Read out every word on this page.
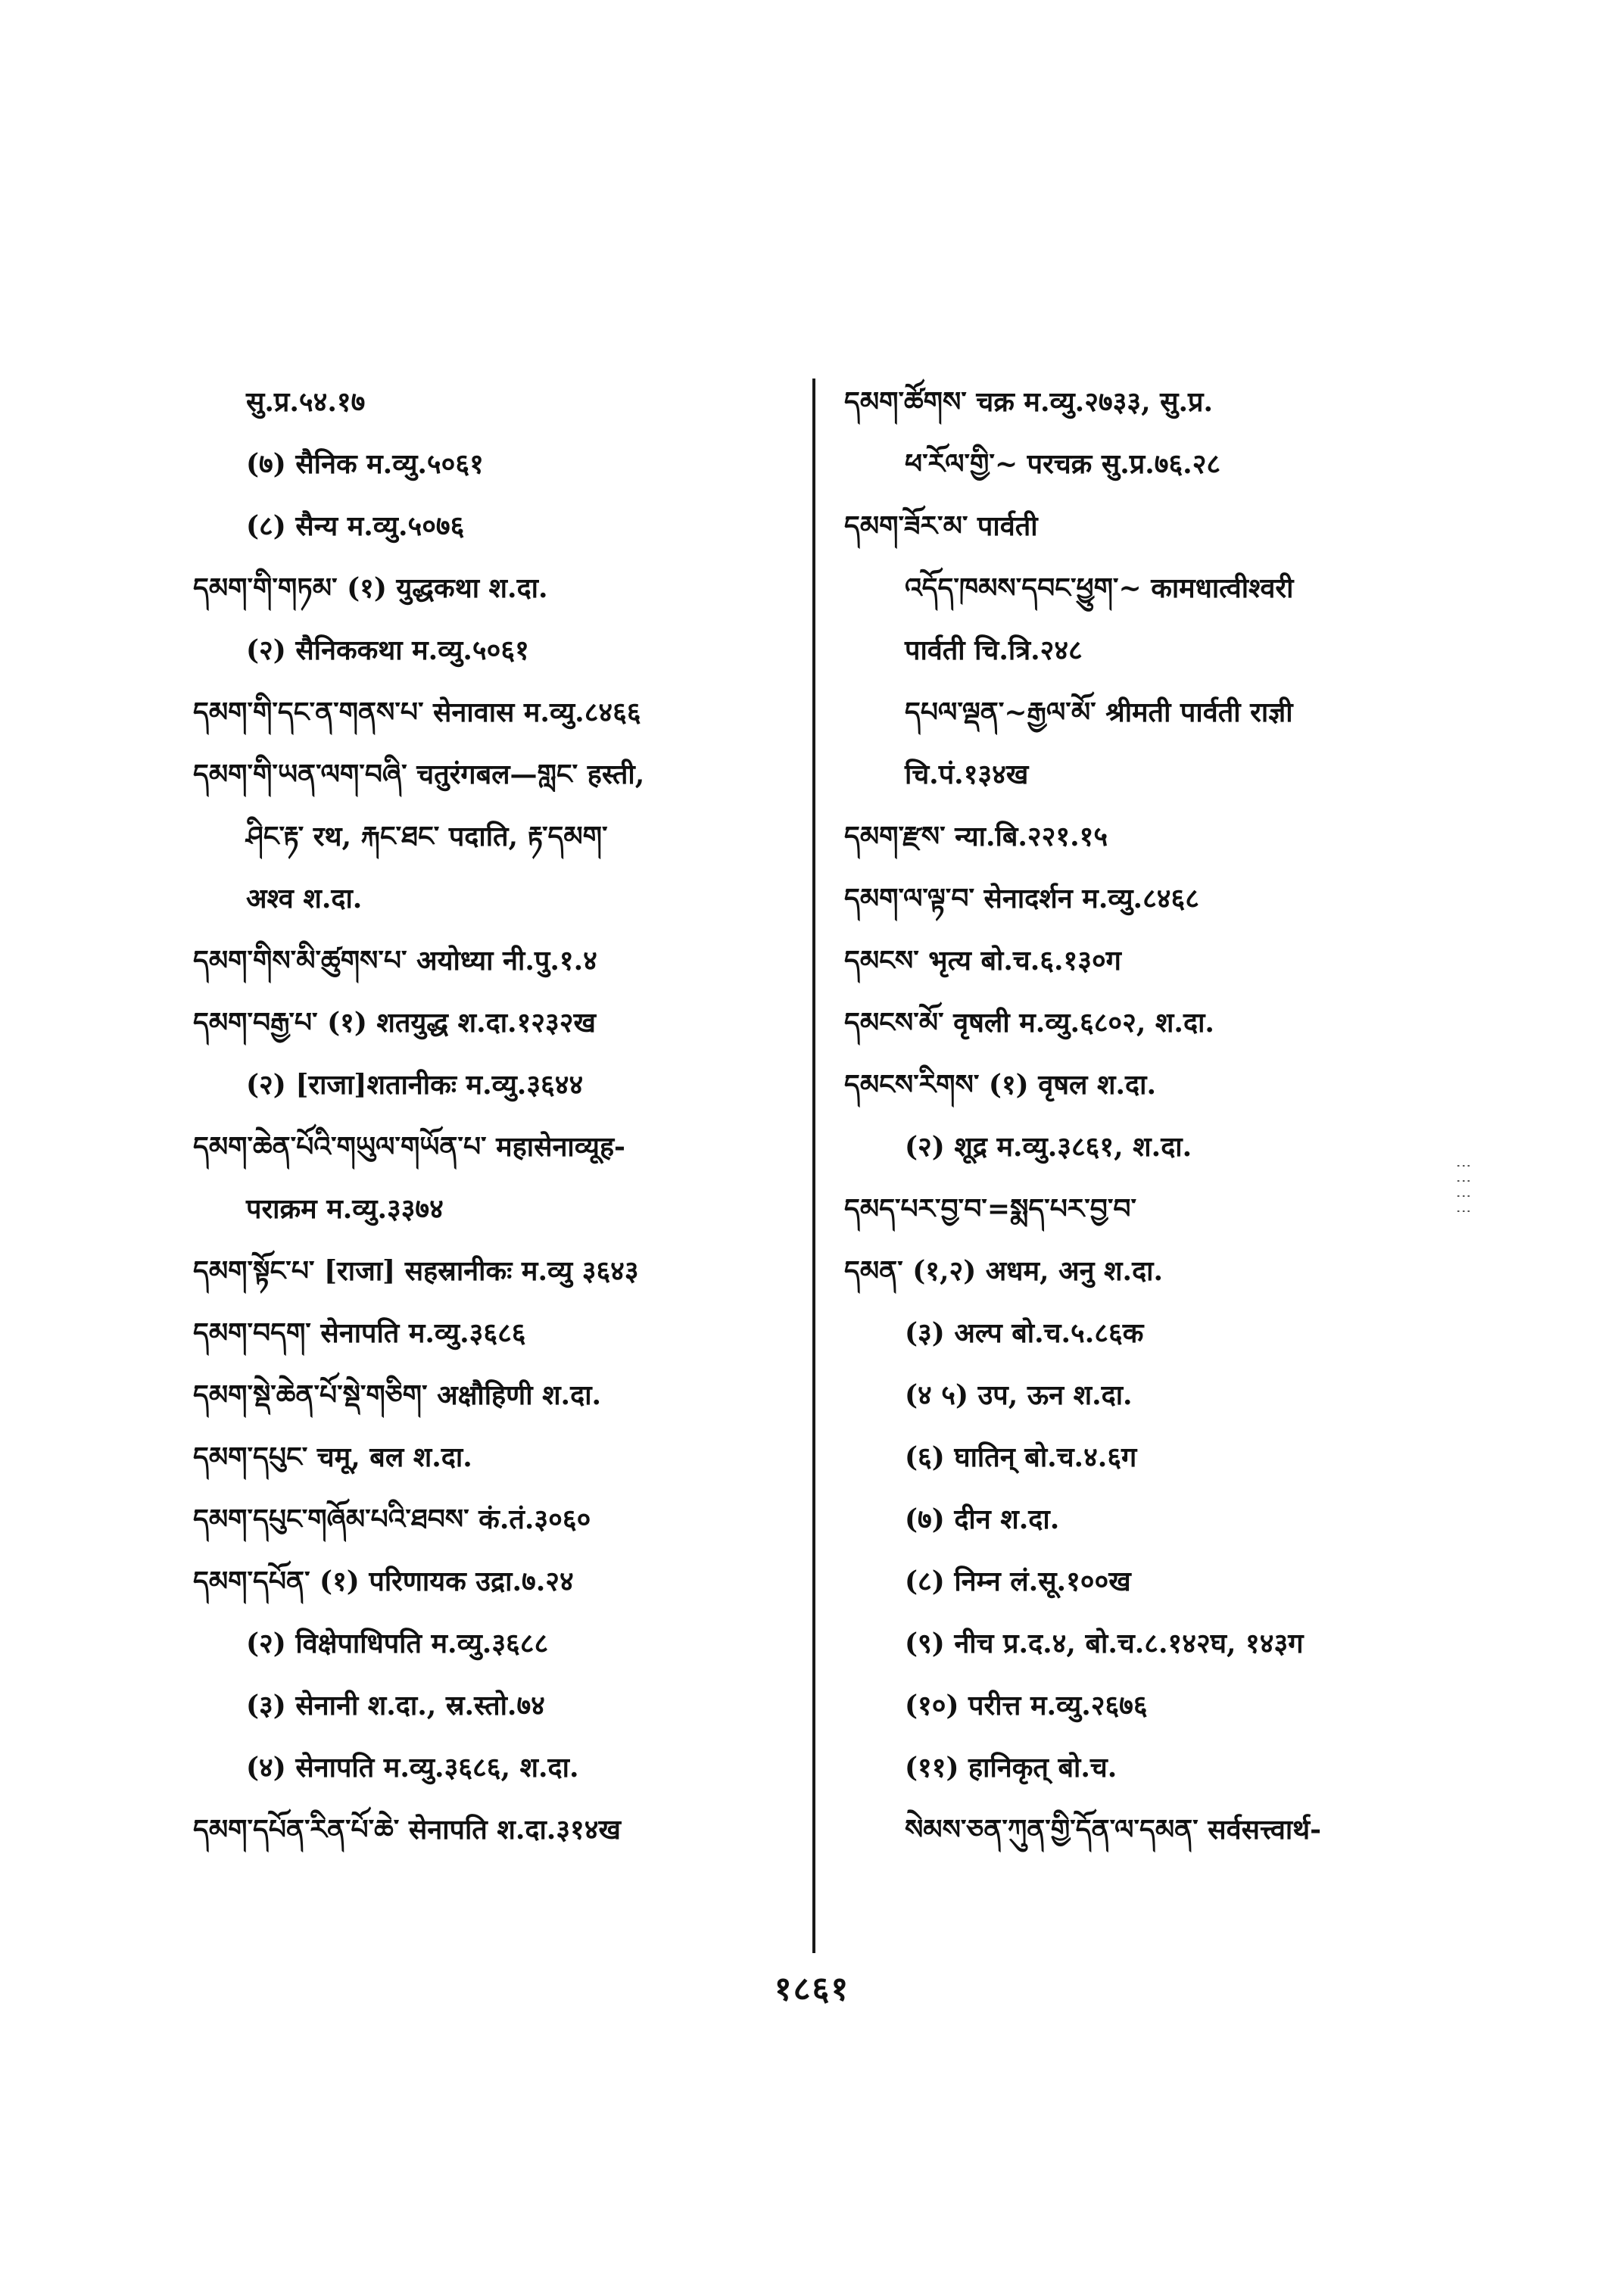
सु.प्र.५४.१७
(७) सैनिक म.व्यु.५०६१
(८) सैन्य म.व्यु.५०७६
དམག་གི་གཏམ་ (१) युद्धकथा श.दा.
(२) सैनिककथा म.व्यु.५०६१
དམག་གི་དང་ན་གནས་པ་ सेनावास म.व्यु.८४६६
དམག་གི་ཡན་ལག་བཞི་ चतुरंगबल—གླང་ हस्ती,
ཤིང་རྟ་ रथ, རྐང་ཐང་ पदाति, རྟ་དམག་
अश्व श.दा.
དམག་གིས་མི་ཚུགས་པ་ अयोध्या नी.पु.१.४
དམག་བརྒྱ་པ་ (१) शतयुद्ध श.दा.१२३२ख
(२) [राजा]शतानीकः म.व्यु.३६४४
དམག་ཆེན་པོའི་གཡུལ་གཡོན་པ་ महासेनाव्यूह-
पराक्रम म.व्यु.३३७४
དམག་སྟོང་པ་ [राजा] सहस्रानीकः म.व्यु ३६४३
དམག་བདག་ सेनापति म.व्यु.३६८६
དམག་སྡེ་ཆེན་པོ་སྡེ་གཅིག་ अक्षौहिणी श.दा.
དམག་དཔུང་ चमू, बल श.दा.
དམག་དཔུང་གཞོམ་པའི་ཐབས་ कं.तं.३०६०
དམག་དཔོན་ (१) परिणायक उद्रा.७.२४
(२) विक्षेपाधिपति म.व्यु.३६८८
(३) सेनानी श.दा., स्र.स्तो.७४
(४) सेनापति म.व्यु.३६८६, श.दा.
དམག་དཔོན་རིན་པོ་ཆེ་ सेनापति श.दा.३१४ख
དམག་ཚོགས་ चक्र म.व्यु.२७३३, सु.प्र.
ཕ་རོལ་གྱི་~ परचक्र सु.प्र.७६.२८
དམག་ཟོར་མ་ पार्वती
འདོད་ཁམས་དབང་ཕྱུག་~ कामधात्वीश्वरी
पार्वती चि.त्रि.२४८
དཔལ་ལྡན་~རྒྱལ་མོ་ श्रीमती पार्वती राज्ञी
चि.पं.१३४ख
དམག་རྫས་ न्या.बि.२२१.१५
དམག་ལ་ལྟ་བ་ सेनादर्शन म.व्यु.८४६८
དམངས་ भृत्य बो.च.६.१३०ग
དམངས་མོ་ वृषली म.व्यु.६८०२, श.दा.
དམངས་རིགས་ (१) वृषल श.दा.
(२) शूद्र म.व्यु.३८६१, श.दा.
དམད་པར་བྱ་བ་=སྨད་པར་བྱ་བ་
དམན་ (१,२) अधम, अनु श.दा.
(३) अल्प बो.च.५.८६क
(४ ५) उप, ऊन श.दा.
(६) घातिन् बो.च.४.६ग
(७) दीन श.दा.
(८) निम्न लं.सू.१००ख
(९) नीच प्र.द.४, बो.च.८.१४२घ, १४३ग
(१०) परीत्त म.व्यु.२६७६
(११) हानिकृत् बो.च.
སེམས་ཅན་ཀུན་གྱི་དོན་ལ་དམན་ सर्वसत्त्वार्थ-
⋮⋮⋮⋮
१८६१
